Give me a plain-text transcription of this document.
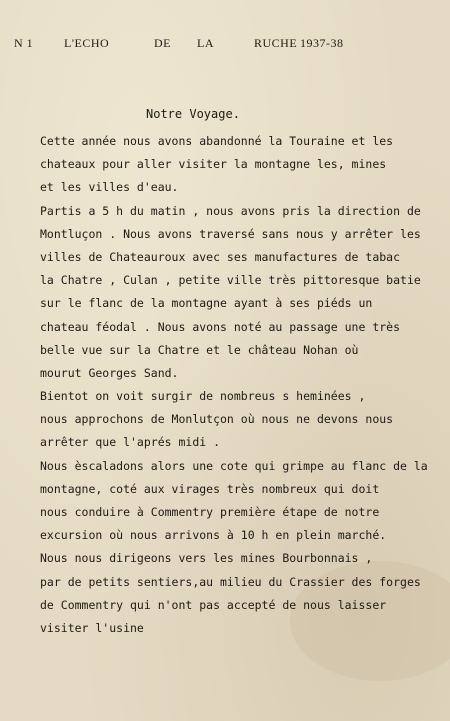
N 1	L'ECHO	DE LA	RUCHE 1937-38
Notre Voyage.
Cette année nous avons abandonné la Touraine et les
chateaux pour aller visiter la montagne les, mines
et les villes d'eau.
Partis a 5 h du matin , nous avons pris la direction de
Montluçon . Nous avons traversé sans nous y arrêter les
villes de Chateauroux avec ses manufactures de tabac
la Chatre , Culan , petite ville très pittoresque batie
sur le flanc de la montagne ayant à ses piéds un
chateau féodal . Nous avons noté au passage une très
belle vue sur la Chatre et le château Nohan où
mourut Georges Sand.
Bientot on voit surgir de nombreus s heminées ,
nous approchons de Monlutçon où nous ne devons nous
arrêter que l'aprés midi .
Nous èscaladons alors une cote qui grimpe au flanc de la
montagne, coté aux virages très nombreux qui doit
nous conduire à Commentry première étape de notre
excursion où nous arrivons à 10 h en plein marché.
Nous nous dirigeons vers les mines Bourbonnais ,
par de petits sentiers,au milieu du Crassier des forges
de Commentry qui n'ont pas accepté de nous laisser
visiter l'usine
